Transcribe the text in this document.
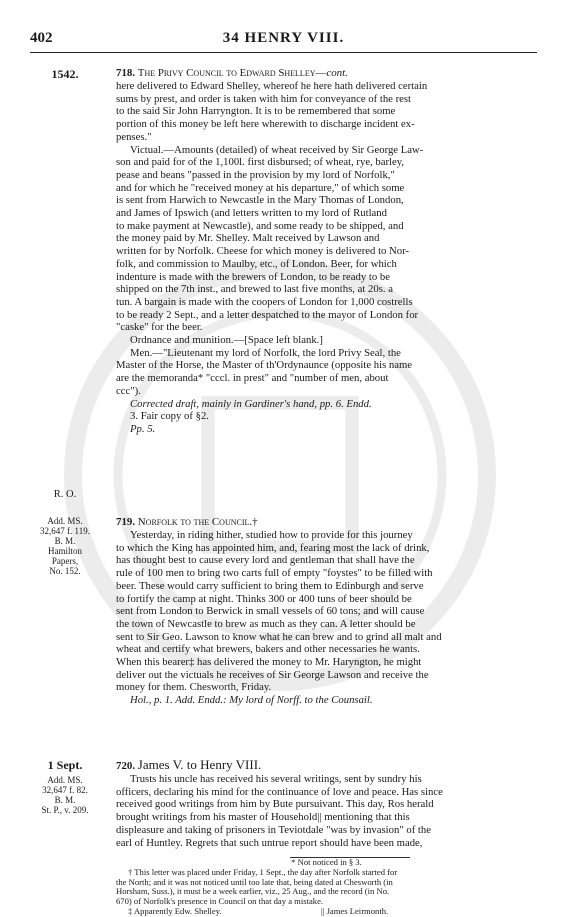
402	34 HENRY VIII.
1542.
R. O.
Add. MS.
32,647 f. 119.
B. M.
Hamilton
Papers,
No. 152.
1 Sept.
Add. MS.
32,647 f. 82.
B. M.
St. P., v. 209.

718. The Privy Council to Edward Shelley—cont.

here delivered to Edward Shelley, whereof he here hath delivered certain
sums by prest, and order is taken with him for conveyance of the rest
to the said Sir John Harryngton. It is to be remembered that some
portion of this money be left here wherewith to discharge incident ex-
penses."

Victual.—Amounts (detailed) of wheat received by Sir George Law-
son and paid for of the 1,100l. first disbursed; of wheat, rye, barley,
pease and beans "passed in the provision by my lord of Norfolk,"
and for which he "received money at his departure," of which some
is sent from Harwich to Newcastle in the Mary Thomas of London,
and James of Ipswich (and letters written to my lord of Rutland
to make payment at Newcastle), and some ready to be shipped, and
the money paid by Mr. Shelley. Malt received by Lawson and
written for by Norfolk. Cheese for which money is delivered to Nor-
folk, and commission to Maulby, etc., of London. Beer, for which
indenture is made with the brewers of London, to be ready to be
shipped on the 7th inst., and brewed to last five months, at 20s. a
tun. A bargain is made with the coopers of London for 1,000 costrells
to be ready 2 Sept., and a letter despatched to the mayor of London for
"caske" for the beer.

Ordnance and munition.—[Space left blank.]

Men.—"Lieutenant my lord of Norfolk, the lord Privy Seal, the
Master of the Horse, the Master of th'Ordynaunce (opposite his name
are the memoranda* "cccl. in prest" and "number of men, about
ccc").

Corrected draft, mainly in Gardiner's hand, pp. 6. Endd.

3. Fair copy of §2.

Pp. 5.

719. Norfolk to the Council.†

Yesterday, in riding hither, studied how to provide for this journey
to which the King has appointed him, and, fearing most the lack of drink,
has thought best to cause every lord and gentleman that shall have the
rule of 100 men to bring two carts full of empty "foystes" to be filled with
beer. These would carry sufficient to bring them to Edinburgh and serve
to fortify the camp at night. Thinks 300 or 400 tuns of beer should be
sent from London to Berwick in small vessels of 60 tons; and will cause
the town of Newcastle to brew as much as they can. A letter should be
sent to Sir Geo. Lawson to know what he can brew and to grind all malt and
wheat and certify what brewers, bakers and other necessaries he wants.
When this bearer‡ has delivered the money to Mr. Haryngton, he might
deliver out the victuals he receives of Sir George Lawson and receive the
money for them. Chesworth, Friday.

Hol., p. 1. Add. Endd.: My lord of Norff. to the Counsail.

720. James V. to Henry VIII.

Trusts his uncle has received his several writings, sent by sundry his
officers, declaring his mind for the continuance of love and peace. Has since
received good writings from him by Bute pursuivant. This day, Ros herald
brought writings from his master of Household|| mentioning that this
displeasure and taking of prisoners in Teviotdale "was by invasion" of the
earl of Huntley. Regrets that such untrue report should have been made,

* Not noticed in § 3.

† This letter was placed under Friday, 1 Sept., the day after Norfolk started for
the North; and it was not noticed until too late that, being dated at Chesworth (in
Horsham, Suss.), it must be a week earlier, viz., 25 Aug., and the record (in No.
670) of Norfolk's presence in Council on that day a mistake.

‡ Apparently Edw. Shelley.	|| James Leirmonth.
